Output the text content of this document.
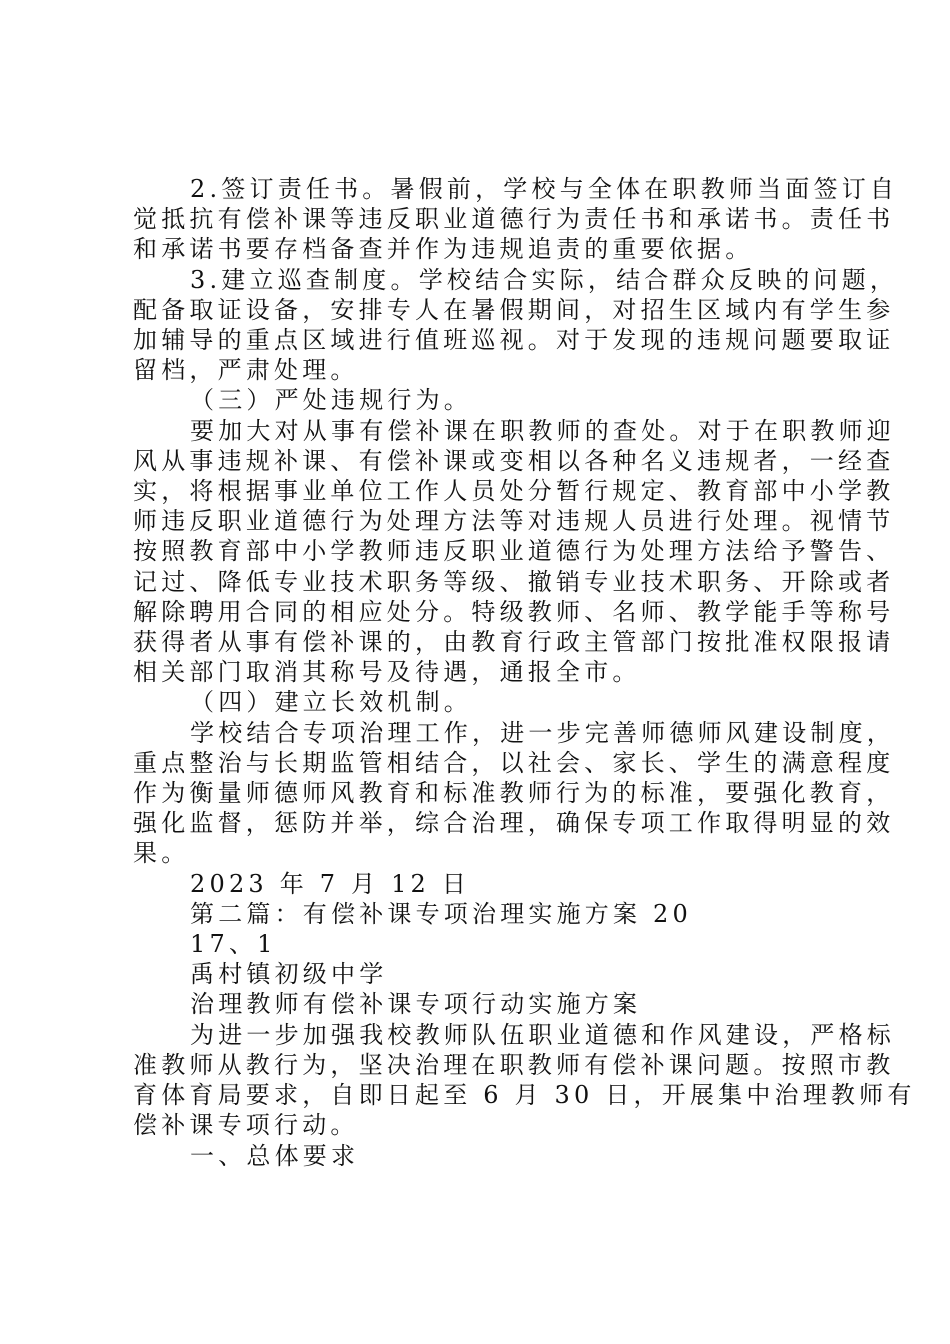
2.签订责任书。暑假前，学校与全体在职教师当面签订自
觉抵抗有偿补课等违反职业道德行为责任书和承诺书。责任书
和承诺书要存档备查并作为违规追责的重要依据。
3.建立巡查制度。学校结合实际，结合群众反映的问题，
配备取证设备，安排专人在暑假期间，对招生区域内有学生参
加辅导的重点区域进行值班巡视。对于发现的违规问题要取证
留档，严肃处理。
（三）严处违规行为。
要加大对从事有偿补课在职教师的查处。对于在职教师迎
风从事违规补课、有偿补课或变相以各种名义违规者，一经查
实，将根据事业单位工作人员处分暂行规定、教育部中小学教
师违反职业道德行为处理方法等对违规人员进行处理。视情节
按照教育部中小学教师违反职业道德行为处理方法给予警告、
记过、降低专业技术职务等级、撤销专业技术职务、开除或者
解除聘用合同的相应处分。特级教师、名师、教学能手等称号
获得者从事有偿补课的，由教育行政主管部门按批准权限报请
相关部门取消其称号及待遇，通报全市。
（四）建立长效机制。
学校结合专项治理工作，进一步完善师德师风建设制度，
重点整治与长期监管相结合，以社会、家长、学生的满意程度
作为衡量师德师风教育和标准教师行为的标准，要强化教育，
强化监督，惩防并举，综合治理，确保专项工作取得明显的效
果。
2023 年 7 月 12 日
第二篇：有偿补课专项治理实施方案 20
17、1
禹村镇初级中学
治理教师有偿补课专项行动实施方案
为进一步加强我校教师队伍职业道德和作风建设，严格标
准教师从教行为，坚决治理在职教师有偿补课问题。按照市教
育体育局要求，自即日起至 6 月 30 日，开展集中治理教师有
偿补课专项行动。
一、总体要求
